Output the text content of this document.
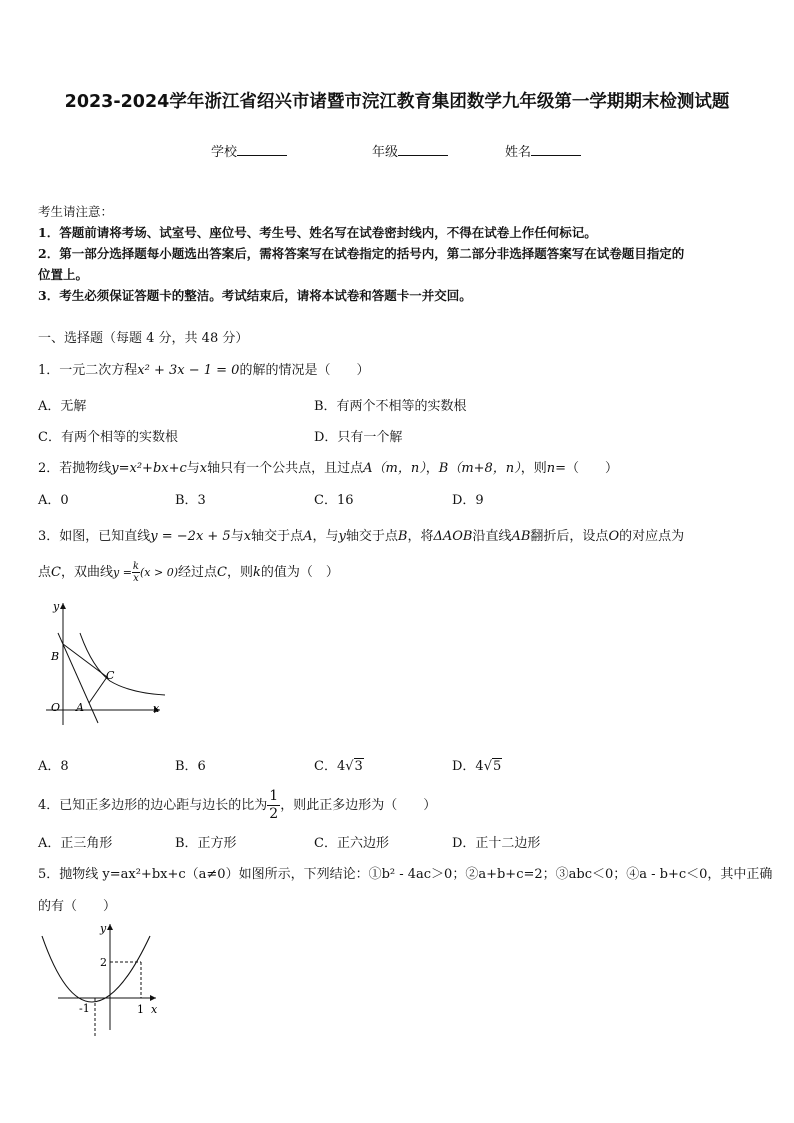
2023-2024学年浙江省绍兴市诸暨市浣江教育集团数学九年级第一学期期末检测试题
学校	年级	姓名
考生请注意：
1．答题前请将考场、试室号、座位号、考生号、姓名写在试卷密封线内，不得在试卷上作任何标记。
2．第一部分选择题每小题选出答案后，需将答案写在试卷指定的括号内，第二部分非选择题答案写在试卷题目指定的
位置上。
3．考生必须保证答题卡的整洁。考试结束后，请将本试卷和答题卡一并交回。
一、选择题（每题 4 分，共 48 分）
1．一元二次方程x² + 3x − 1 = 0的解的情况是（　　）
A．无解	B．有两个不相等的实数根
C．有两个相等的实数根	D．只有一个解
2．若抛物线y=x²+bx+c与x轴只有一个公共点，且过点A（m，n），B（m+8，n），则n=（　　）
A．0	B．3	C．16	D．9
3．如图，已知直线y = −2x + 5与x轴交于点A，与y轴交于点B，将ΔAOB沿直线AB翻折后，设点O的对应点为
点C，双曲线$y = \frac{k}{x} (x > 0)$经过点C，则k的值为（　）
y
x
B
C
O A
A．8	B．6	C．4√3	D．4√5
4．已知正多边形的边心距与边长的比为 $\frac{1}{2}$ ，则此正多边形为（　　）
A．正三角形	B．正方形	C．正六边形	D．正十二边形
5．抛物线 y=ax²+bx+c（a≠0）如图所示，下列结论：①b² - 4ac＞0；②a+b+c=2；③abc＜0；④a - b+c＜0，其中正确
的有（　　）
y
x
2
-1	1
